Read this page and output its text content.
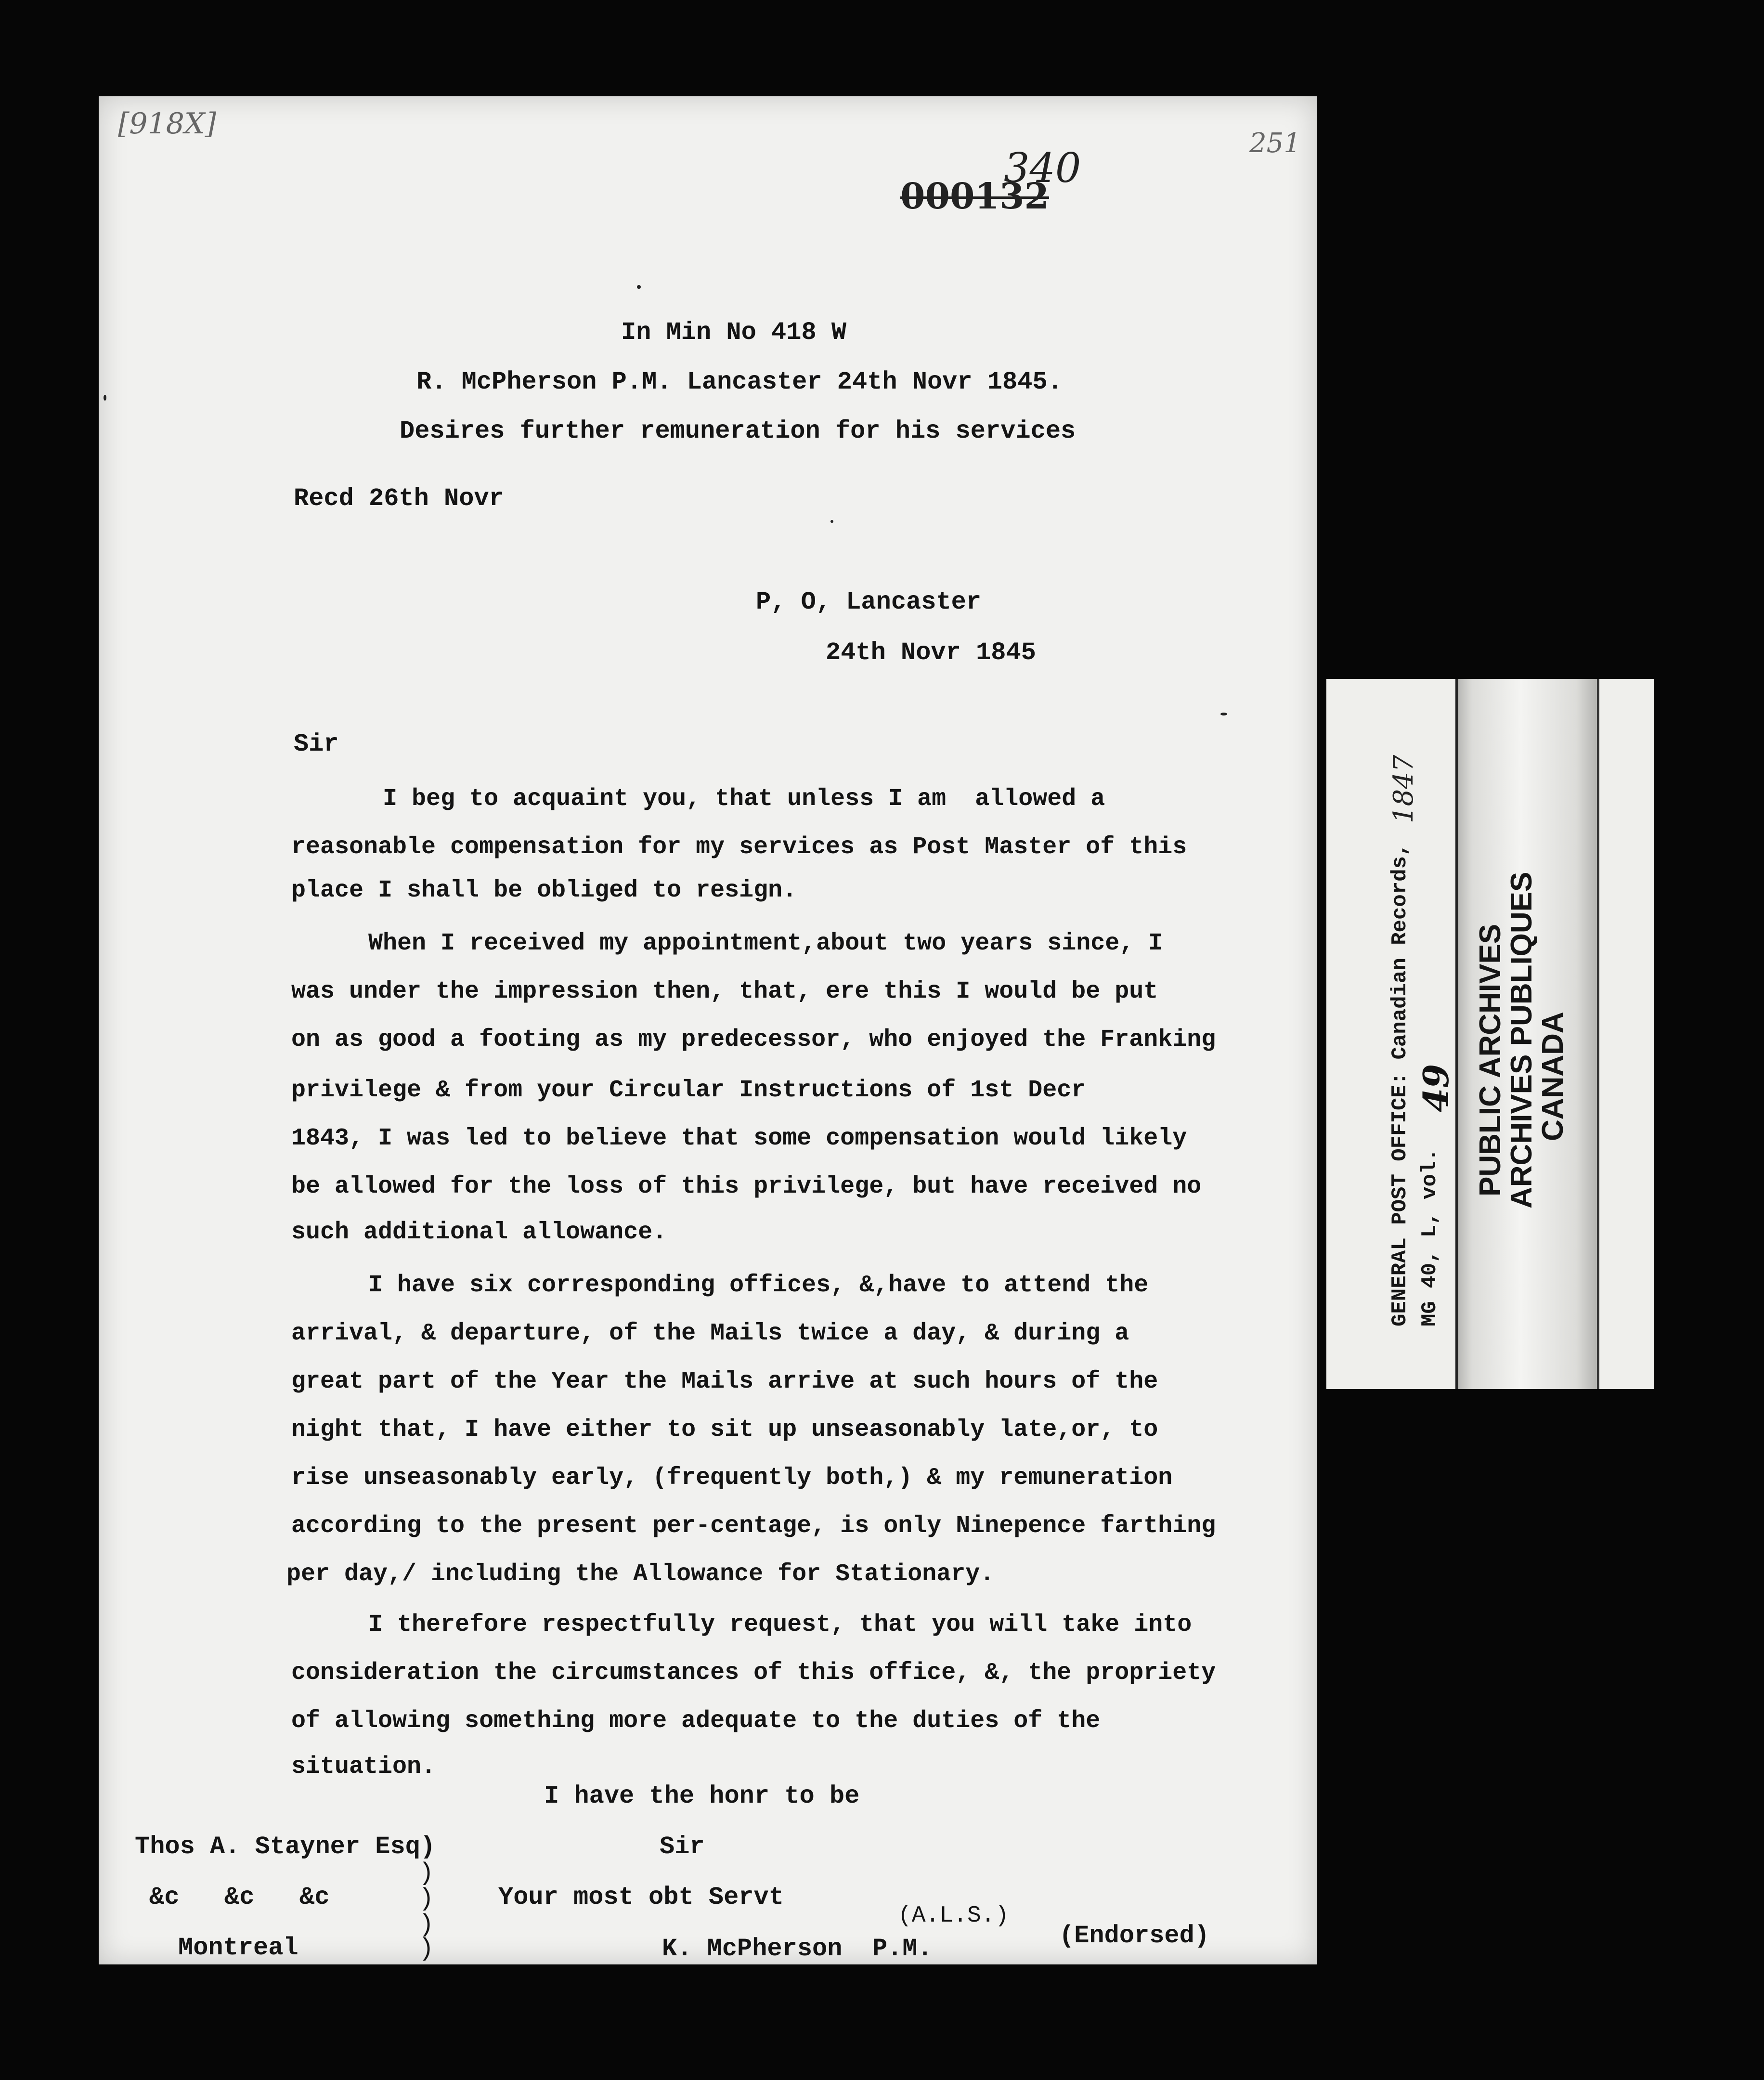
[918X]
251
340
000132
In Min No 418 W
R. McPherson P.M. Lancaster 24th Novr 1845.
Desires further remuneration for his services
Recd 26th Novr
P, O, Lancaster
24th Novr 1845
Sir
I beg to acquaint you, that unless I am  allowed a
reasonable compensation for my services as Post Master of this
place I shall be obliged to resign.
When I received my appointment,about two years since, I
was under the impression then, that, ere this I would be put
on as good a footing as my predecessor, who enjoyed the Franking
privilege & from your Circular Instructions of 1st Decr
1843, I was led to believe that some compensation would likely
be allowed for the loss of this privilege, but have received no
such additional allowance.
I have six corresponding offices, &,have to attend the
arrival, & departure, of the Mails twice a day, & during a
great part of the Year the Mails arrive at such hours of the
night that, I have either to sit up unseasonably late,or, to
rise unseasonably early, (frequently both,) & my remuneration
according to the present per-centage, is only Ninepence farthing
per day,/ including the Allowance for Stationary.
I therefore respectfully request, that you will take into
consideration the circumstances of this office, &, the propriety
of allowing something more adequate to the duties of the
situation.
I have the honr to be
Thos A. Stayner Esq)	Sir
)
&c   &c   &c	)	Your most obt Servt
(A.L.S.)
)
Montreal	)	K. McPherson  P.M.	(Endorsed)
GENERAL POST OFFICE: Canadian Records,
1847
MG 40, L, vol.
49 PUBLIC ARCHIVES
ARCHIVES PUBLIQUES
CANADA
